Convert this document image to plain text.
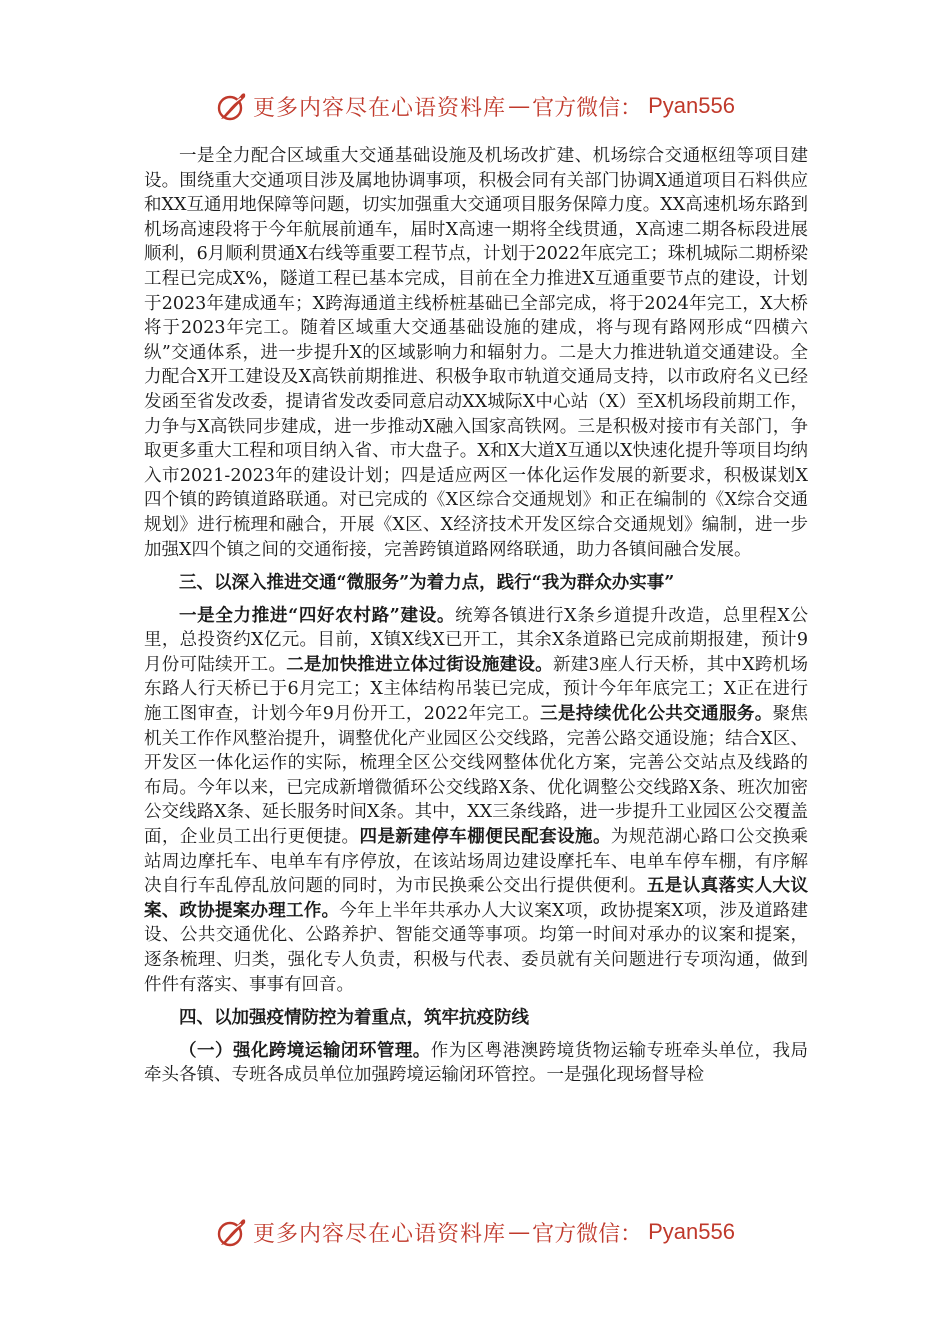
更多内容尽在心语资料库 — 官方微信： Pyan556

一是全力配合区域重大交通基础设施及机场改扩建、机场综合交通枢纽等项目建设。围绕重大交通项目涉及属地协调事项，积极会同有关部门协调X通道项目石料供应和XX互通用地保障等问题，切实加强重大交通项目服务保障力度。XX高速机场东路到机场高速段将于今年航展前通车，届时X高速一期将全线贯通，X高速二期各标段进展顺利，6月顺利贯通X右线等重要工程节点，计划于2022年底完工；珠机城际二期桥梁工程已完成X%，隧道工程已基本完成，目前在全力推进X互通重要节点的建设，计划于2023年建成通车；X跨海通道主线桥桩基础已全部完成，将于2024年完工，X大桥将于2023年完工。随着区域重大交通基础设施的建成，将与现有路网形成“四横六纵”交通体系，进一步提升X的区域影响力和辐射力。二是大力推进轨道交通建设。全力配合X开工建设及X高铁前期推进、积极争取市轨道交通局支持，以市政府名义已经发函至省发改委，提请省发改委同意启动XX城际X中心站（X）至X机场段前期工作，力争与X高铁同步建成，进一步推动X融入国家高铁网。三是积极对接市有关部门，争取更多重大工程和项目纳入省、市大盘子。X和X大道X互通以X快速化提升等项目均纳入市2021-2023年的建设计划；四是适应两区一体化运作发展的新要求，积极谋划X四个镇的跨镇道路联通。对已完成的《X区综合交通规划》和正在编制的《X综合交通规划》进行梳理和融合，开展《X区、X经济技术开发区综合交通规划》编制，进一步加强X四个镇之间的交通衔接，完善跨镇道路网络联通，助力各镇间融合发展。

三、以深入推进交通“微服务”为着力点，践行“我为群众办实事”

一是全力推进“四好农村路”建设。统筹各镇进行X条乡道提升改造，总里程X公里，总投资约X亿元。目前，X镇X线X已开工，其余X条道路已完成前期报建，预计9月份可陆续开工。二是加快推进立体过街设施建设。新建3座人行天桥，其中X跨机场东路人行天桥已于6月完工；X主体结构吊装已完成，预计今年年底完工；X正在进行施工图审查，计划今年9月份开工，2022年完工。三是持续优化公共交通服务。聚焦机关工作作风整治提升，调整优化产业园区公交线路，完善公路交通设施；结合X区、开发区一体化运作的实际，梳理全区公交线网整体优化方案，完善公交站点及线路的布局。今年以来，已完成新增微循环公交线路X条、优化调整公交线路X条、班次加密公交线路X条、延长服务时间X条。其中，XX三条线路，进一步提升工业园区公交覆盖面，企业员工出行更便捷。四是新建停车棚便民配套设施。为规范湖心路口公交换乘站周边摩托车、电单车有序停放，在该站场周边建设摩托车、电单车停车棚，有序解决自行车乱停乱放问题的同时，为市民换乘公交出行提供便利。五是认真落实人大议案、政协提案办理工作。今年上半年共承办人大议案X项，政协提案X项，涉及道路建设、公共交通优化、公路养护、智能交通等事项。均第一时间对承办的议案和提案，逐条梳理、归类，强化专人负责，积极与代表、委员就有关问题进行专项沟通，做到件件有落实、事事有回音。

四、以加强疫情防控为着重点，筑牢抗疫防线

（一）强化跨境运输闭环管理。作为区粤港澳跨境货物运输专班牵头单位，我局牵头各镇、专班各成员单位加强跨境运输闭环管控。一是强化现场督导检

更多内容尽在心语资料库 — 官方微信： Pyan556
